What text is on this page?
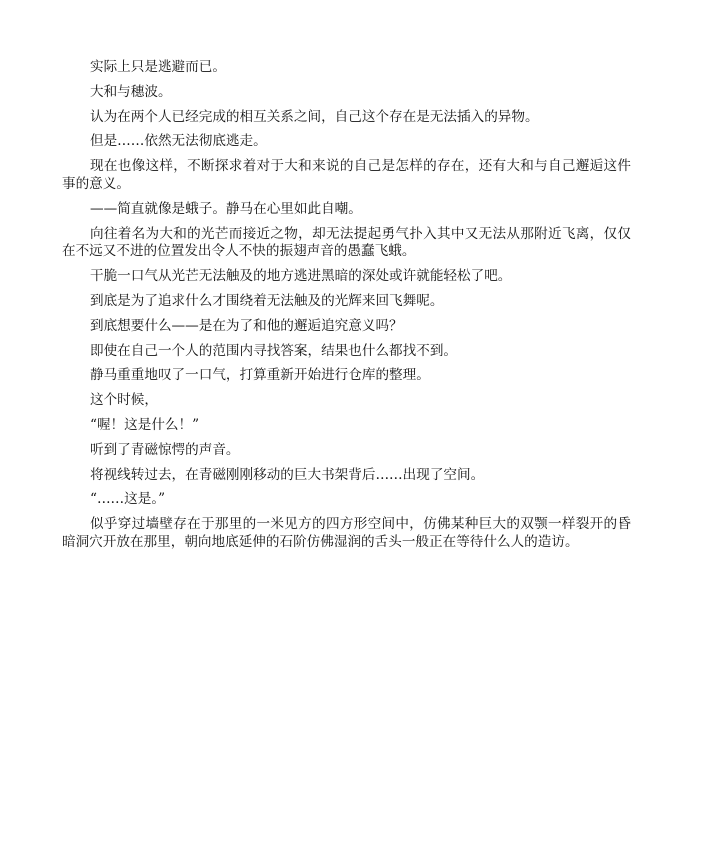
实际上只是逃避而已。

大和与穗波。

认为在两个人已经完成的相互关系之间，自己这个存在是无法插入的异物。

但是……依然无法彻底逃走。

现在也像这样，不断探求着对于大和来说的自己是怎样的存在，还有大和与自己邂逅这件事的意义。

——简直就像是蛾子。静马在心里如此自嘲。

向往着名为大和的光芒而接近之物，却无法提起勇气扑入其中又无法从那附近飞离，仅仅在不远又不进的位置发出令人不快的振翅声音的愚蠢飞蛾。

干脆一口气从光芒无法触及的地方逃进黑暗的深处或许就能轻松了吧。

到底是为了追求什么才围绕着无法触及的光辉来回飞舞呢。

到底想要什么——是在为了和他的邂逅追究意义吗？

即使在自己一个人的范围内寻找答案，结果也什么都找不到。

静马重重地叹了一口气，打算重新开始进行仓库的整理。

这个时候，

“喔！这是什么！”

听到了青磁惊愕的声音。

将视线转过去，在青磁刚刚移动的巨大书架背后……出现了空间。

“……这是。”

似乎穿过墙壁存在于那里的一米见方的四方形空间中，仿佛某种巨大的双颚一样裂开的昏暗洞穴开放在那里，朝向地底延伸的石阶仿佛湿润的舌头一般正在等待什么人的造访。
